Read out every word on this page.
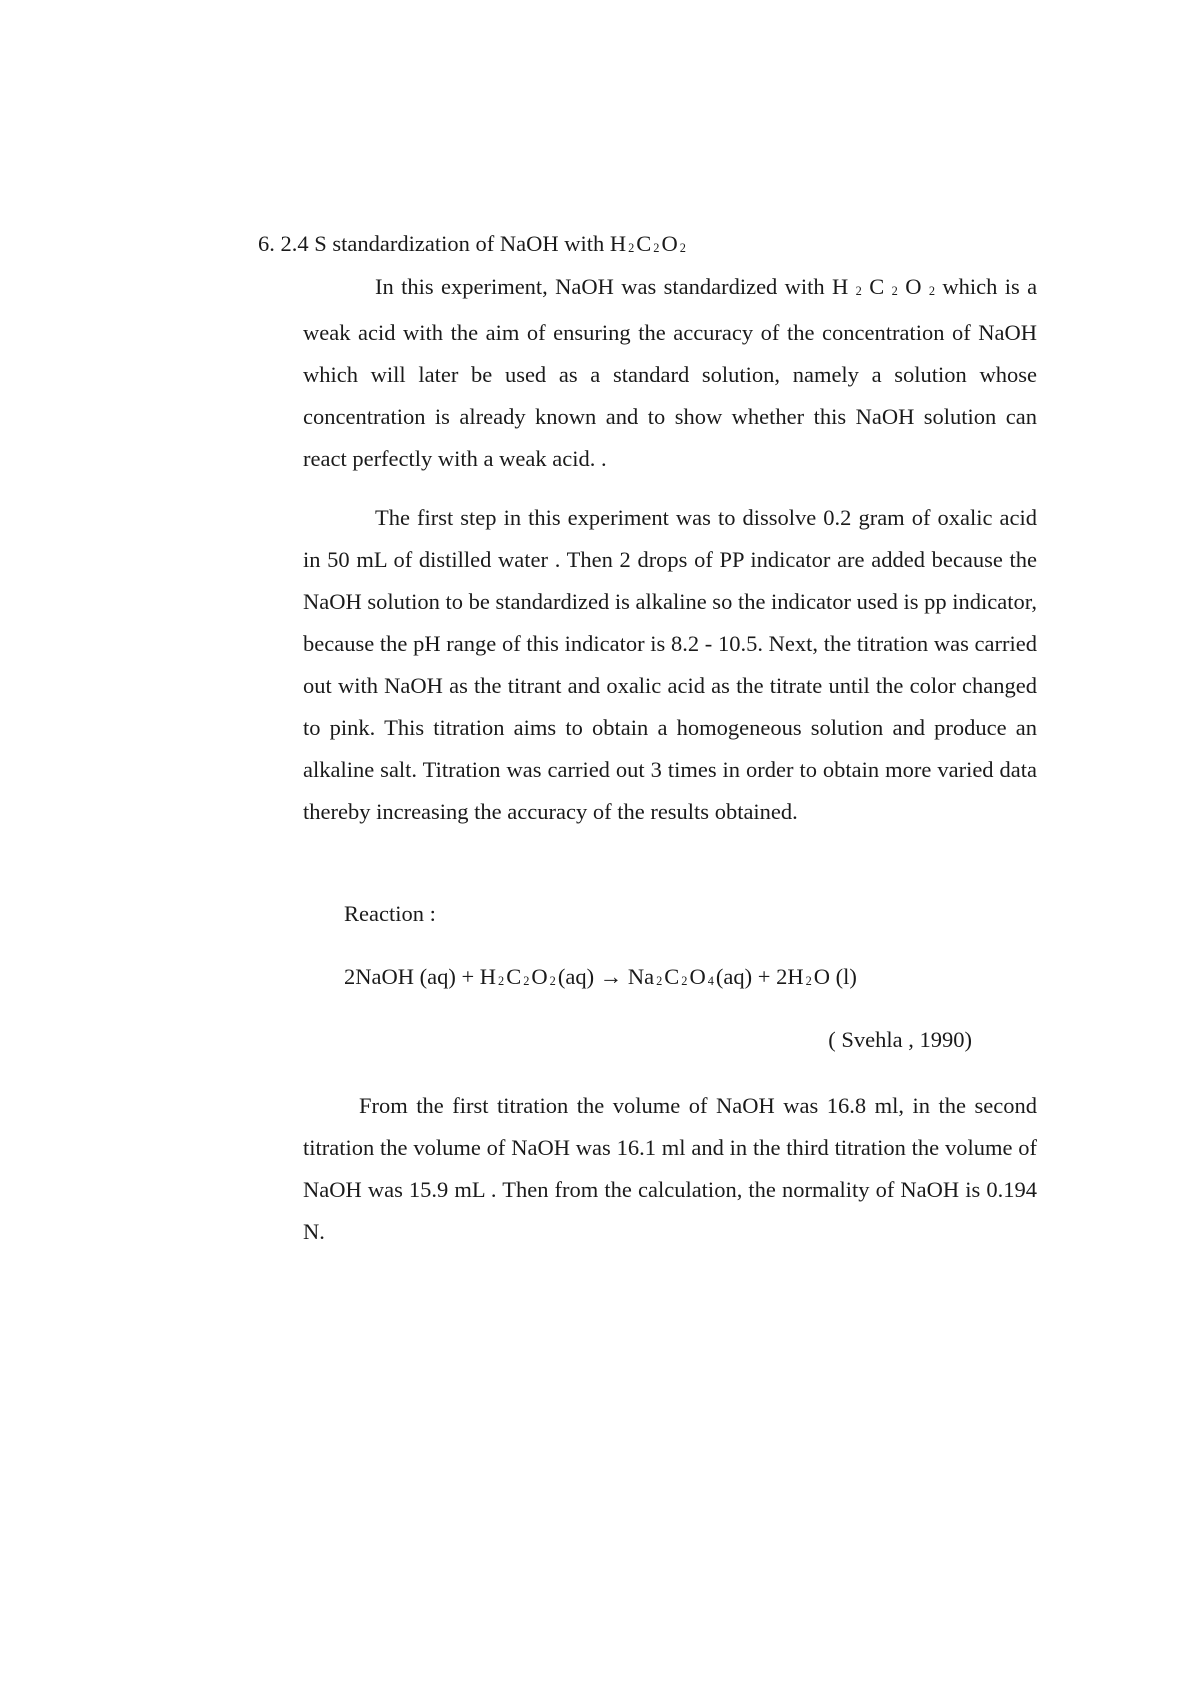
6. 2.4 S standardization of NaOH with H $_2$C $_2$O $_2$

In this experiment, NaOH was standardized with H $_2$ C $_2$ O $_2$ which is a weak acid with the aim of ensuring the accuracy of the concentration of NaOH which will later be used as a standard solution, namely a solution whose concentration is already known and to show whether this NaOH solution can react perfectly with a weak acid. .

The first step in this experiment was to dissolve 0.2 gram of oxalic acid in 50 mL of distilled water . Then 2 drops of PP indicator are added because the NaOH solution to be standardized is alkaline so the indicator used is pp indicator, because the pH range of this indicator is 8.2 - 10.5. Next, the titration was carried out with NaOH as the titrant and oxalic acid as the titrate until the color changed to pink. This titration aims to obtain a homogeneous solution and produce an alkaline salt. Titration was carried out 3 times in order to obtain more varied data thereby increasing the accuracy of the results obtained.

Reaction :
2NaOH (aq) + H $_2$C $_2$O $_2$(aq) → Na $_2$C $_2$O $_4$(aq) + 2H $_2$O (l)
( Svehla , 1990)

From the first titration the volume of NaOH was 16.8 ml, in the second titration the volume of NaOH was 16.1 ml and in the third titration the volume of NaOH was 15.9 mL . Then from the calculation, the normality of NaOH is 0.194 N.
